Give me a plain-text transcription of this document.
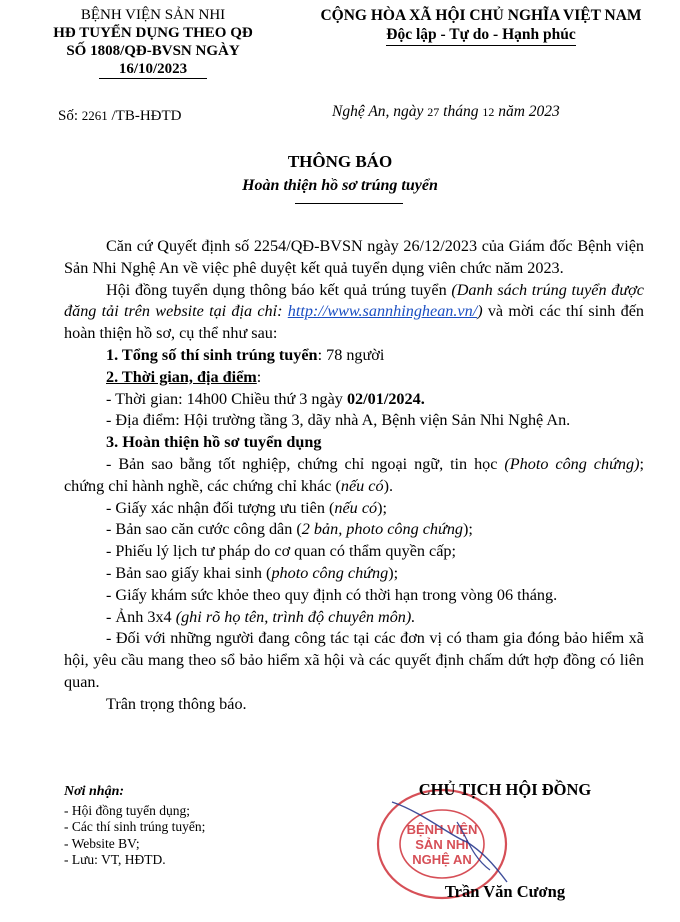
BỆNH VIỆN SẢN NHI
HĐ TUYỂN DỤNG THEO QĐ
SỐ 1808/QĐ-BVSN NGÀY
16/10/2023
Số: 2261 /TB-HĐTD
CỘNG HÒA XÃ HỘI CHỦ NGHĨA VIỆT NAM
Độc lập - Tự do - Hạnh phúc
Nghệ An, ngày 27 tháng 12 năm 2023
THÔNG BÁO
Hoàn thiện hồ sơ trúng tuyển

Căn cứ Quyết định số 2254/QĐ-BVSN ngày 26/12/2023 của Giám đốc Bệnh viện Sản Nhi Nghệ An về việc phê duyệt kết quả tuyển dụng viên chức năm 2023.

Hội đồng tuyển dụng thông báo kết quả trúng tuyển (Danh sách trúng tuyển được đăng tải trên website tại địa chỉ: http://www.sannhinghean.vn/) và mời các thí sinh đến hoàn thiện hồ sơ, cụ thể như sau:

1. Tổng số thí sinh trúng tuyển: 78 người

2. Thời gian, địa điểm:

- Thời gian: 14h00 Chiều thứ 3 ngày 02/01/2024.

- Địa điểm: Hội trường tầng 3, dãy nhà A, Bệnh viện Sản Nhi Nghệ An.

3. Hoàn thiện hồ sơ tuyển dụng

- Bản sao bằng tốt nghiệp, chứng chỉ ngoại ngữ, tin học (Photo công chứng); chứng chỉ hành nghề, các chứng chỉ khác (nếu có).

- Giấy xác nhận đối tượng ưu tiên (nếu có);

- Bản sao căn cước công dân (2 bản, photo công chứng);

- Phiếu lý lịch tư pháp do cơ quan có thẩm quyền cấp;

- Bản sao giấy khai sinh (photo công chứng);

- Giấy khám sức khỏe theo quy định có thời hạn trong vòng 06 tháng.

- Ảnh 3x4 (ghi rõ họ tên, trình độ chuyên môn).

- Đối với những người đang công tác tại các đơn vị có tham gia đóng bảo hiểm xã hội, yêu cầu mang theo sổ bảo hiểm xã hội và các quyết định chấm dứt hợp đồng có liên quan.

Trân trọng thông báo.

Nơi nhận:
- Hội đồng tuyển dụng;
- Các thí sinh trúng tuyển;
- Website BV;
- Lưu: VT, HĐTD.
BỆNH VIỆN
SẢN NHI
NGHỆ AN
CHỦ TỊCH HỘI ĐỒNG
Trần Văn Cương
